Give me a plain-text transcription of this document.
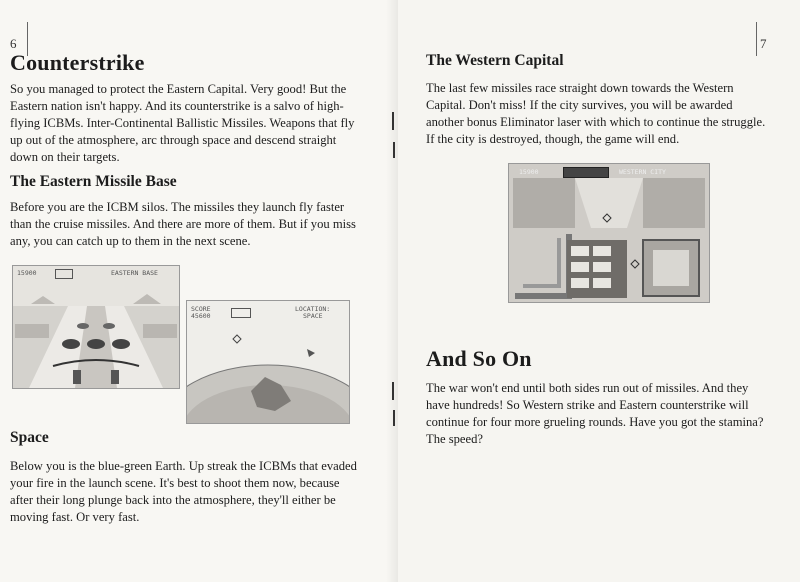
6
Counterstrike

So you managed to protect the Eastern Capital. Very good! But the Eastern nation isn't happy. And its counterstrike is a salvo of high-flying ICBMs. Inter-Continental Ballistic Missiles. Weapons that fly up out of the atmosphere, arc through space and descend straight down on their targets.

The Eastern Missile Base

Before you are the ICBM silos. The missiles they launch fly faster than the cruise missiles. And there are more of them. But if you miss any, you can catch up to them in the next scene.

15900	EASTERN BASE
SCORE
45600
LOCATION:
SPACE
Space

Below you is the blue-green Earth. Up streak the ICBMs that evaded your fire in the launch scene. It's best to shoot them now, because after their long plunge back into the atmosphere, they'll either be moving fast. Or very fast.

7
The Western Capital

The last few missiles race straight down towards the Western Capital. Don't miss! If the city survives, you will be awarded another bonus Eliminator laser with which to continue the struggle. If the city is destroyed, though, the game will end.

15900	WESTERN CITY
And So On

The war won't end until both sides run out of missiles. And they have hundreds! So Western strike and Eastern counterstrike will continue for four more grueling rounds. Have you got the stamina? The speed?
